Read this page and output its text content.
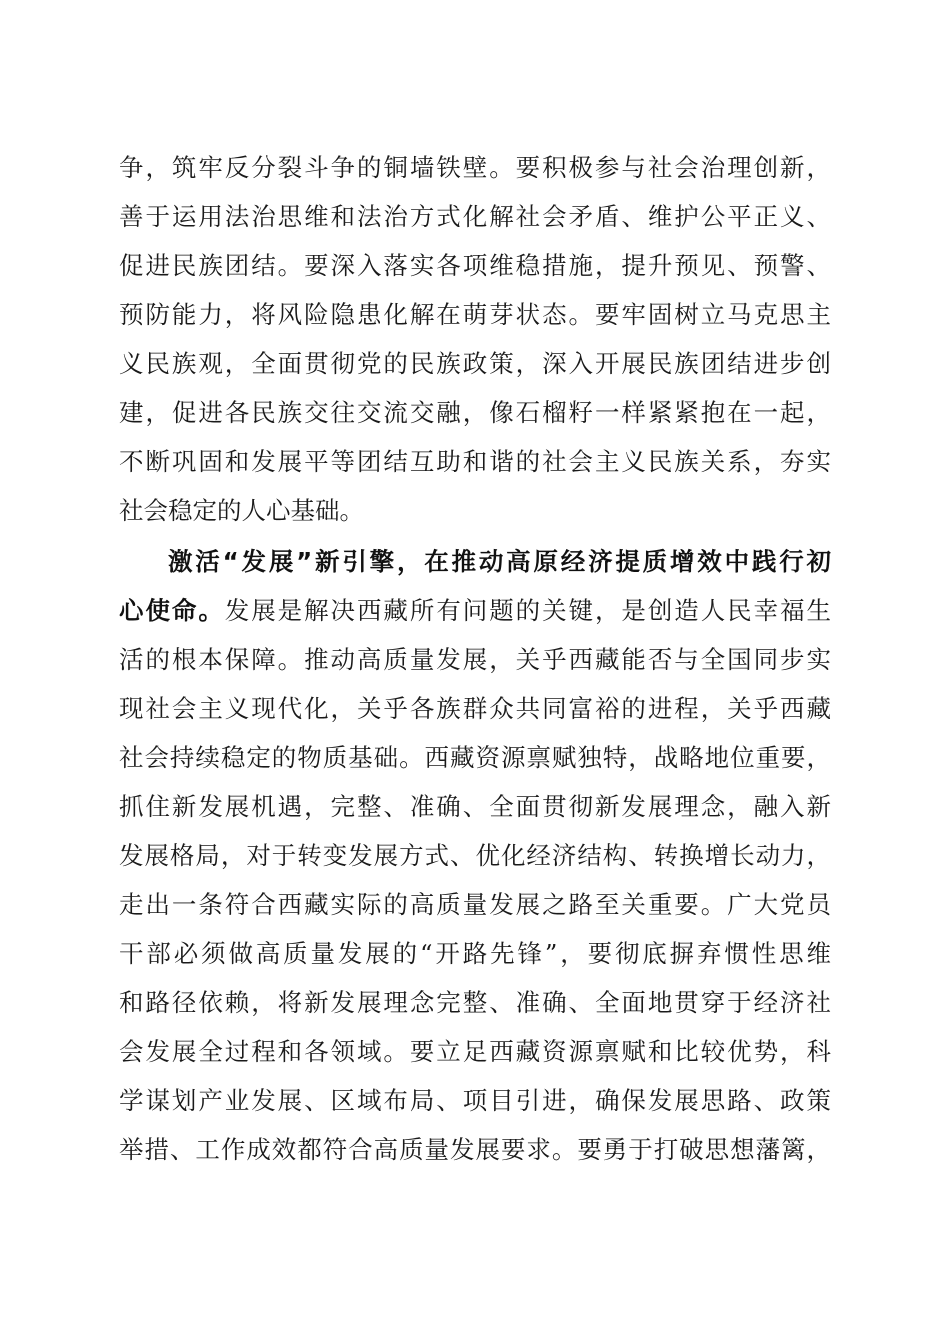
争，筑牢反分裂斗争的铜墙铁壁。要积极参与社会治理创新，
善于运用法治思维和法治方式化解社会矛盾、维护公平正义、
促进民族团结。要深入落实各项维稳措施，提升预见、预警、
预防能力，将风险隐患化解在萌芽状态。要牢固树立马克思主
义民族观，全面贯彻党的民族政策，深入开展民族团结进步创
建，促进各民族交往交流交融，像石榴籽一样紧紧抱在一起，
不断巩固和发展平等团结互助和谐的社会主义民族关系，夯实
社会稳定的人心基础。
激活“发展”新引擎，在推动高原经济提质增效中践行初
心使命。发展是解决西藏所有问题的关键，是创造人民幸福生
活的根本保障。推动高质量发展，关乎西藏能否与全国同步实
现社会主义现代化，关乎各族群众共同富裕的进程，关乎西藏
社会持续稳定的物质基础。西藏资源禀赋独特，战略地位重要，
抓住新发展机遇，完整、准确、全面贯彻新发展理念，融入新
发展格局，对于转变发展方式、优化经济结构、转换增长动力，
走出一条符合西藏实际的高质量发展之路至关重要。广大党员
干部必须做高质量发展的“开路先锋”，要彻底摒弃惯性思维
和路径依赖，将新发展理念完整、准确、全面地贯穿于经济社
会发展全过程和各领域。要立足西藏资源禀赋和比较优势，科
学谋划产业发展、区域布局、项目引进，确保发展思路、政策
举措、工作成效都符合高质量发展要求。要勇于打破思想藩篱，
